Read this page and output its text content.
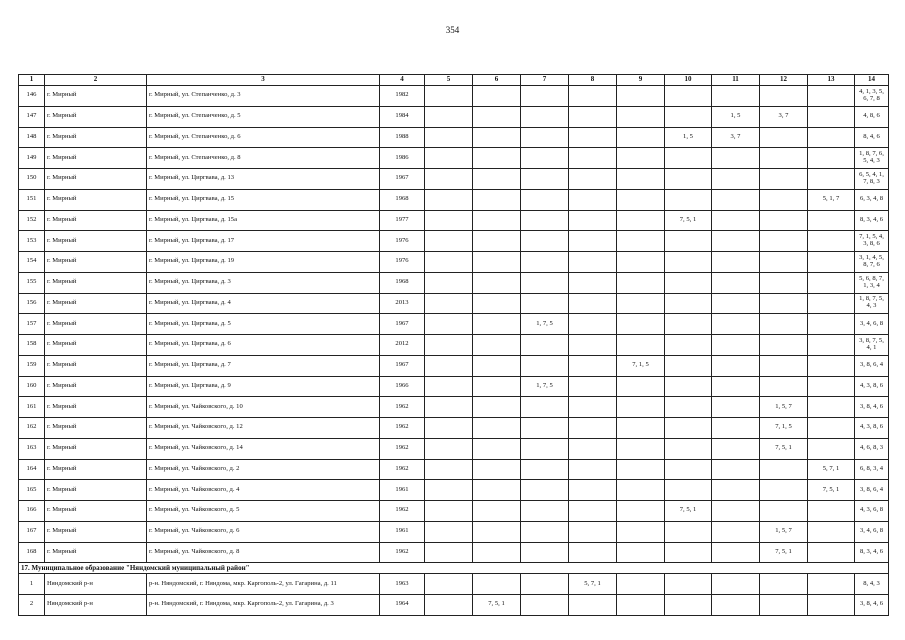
354
1	2	3	4	5	6	7	8	9	10	11	12	13	14
146	г. Мирный	г. Мирный, ул. Степанченко, д. 3	1982										4, 1, 3, 5, 6, 7, 8
147	г. Мирный	г. Мирный, ул. Степанченко, д. 5	1984							1, 5	3, 7		4, 8, 6
148	г. Мирный	г. Мирный, ул. Степанченко, д. 6	1988						1, 5	3, 7			8, 4, 6
149	г. Мирный	г. Мирный, ул. Степанченко, д. 8	1986										1, 8, 7, 6, 5, 4, 3
150	г. Мирный	г. Мирный, ул. Циргвава, д. 13	1967										6, 5, 4, 1, 7, 8, 3
151	г. Мирный	г. Мирный, ул. Циргвава, д. 15	1968									5, 1, 7	6, 3, 4, 8
152	г. Мирный	г. Мирный, ул. Циргвава, д. 15а	1977						7, 5, 1				8, 3, 4, 6
153	г. Мирный	г. Мирный, ул. Циргвава, д. 17	1976										7, 1, 5, 4, 3, 8, 6
154	г. Мирный	г. Мирный, ул. Циргвава, д. 19	1976										3, 1, 4, 5, 8, 7, 6
155	г. Мирный	г. Мирный, ул. Циргвава, д. 3	1968										5, 6, 8, 7, 1, 3, 4
156	г. Мирный	г. Мирный, ул. Циргвава, д. 4	2013										1, 8, 7, 5, 4, 3
157	г. Мирный	г. Мирный, ул. Циргвава, д. 5	1967			1, 7, 5							3, 4, 6, 8
158	г. Мирный	г. Мирный, ул. Циргвава, д. 6	2012										3, 8, 7, 5, 4, 1
159	г. Мирный	г. Мирный, ул. Циргвава, д. 7	1967					7, 1, 5					3, 8, 6, 4
160	г. Мирный	г. Мирный, ул. Циргвава, д. 9	1966			1, 7, 5							4, 3, 8, 6
161	г. Мирный	г. Мирный, ул. Чайковского, д. 10	1962								1, 5, 7		3, 8, 4, 6
162	г. Мирный	г. Мирный, ул. Чайковского, д. 12	1962								7, 1, 5		4, 3, 8, 6
163	г. Мирный	г. Мирный, ул. Чайковского, д. 14	1962								7, 5, 1		4, 6, 8, 3
164	г. Мирный	г. Мирный, ул. Чайковского, д. 2	1962									5, 7, 1	6, 8, 3, 4
165	г. Мирный	г. Мирный, ул. Чайковского, д. 4	1961									7, 5, 1	3, 8, 6, 4
166	г. Мирный	г. Мирный, ул. Чайковского, д. 5	1962						7, 5, 1				4, 3, 6, 8
167	г. Мирный	г. Мирный, ул. Чайковского, д. 6	1961								1, 5, 7		3, 4, 6, 8
168	г. Мирный	г. Мирный, ул. Чайковского, д. 8	1962								7, 5, 1		8, 3, 4, 6
17. Муниципальное образование "Няндомский муниципальный район"													
1	Няндомский р-н	р-н. Няндомский, г. Няндома, мкр. Каргополь-2, ул. Гагарина, д. 11	1963				5, 7, 1						8, 4, 3
2	Няндомский р-н	р-н. Няндомский, г. Няндома, мкр. Каргополь-2, ул. Гагарина, д. 3	1964		7, 5, 1								3, 8, 4, 6
